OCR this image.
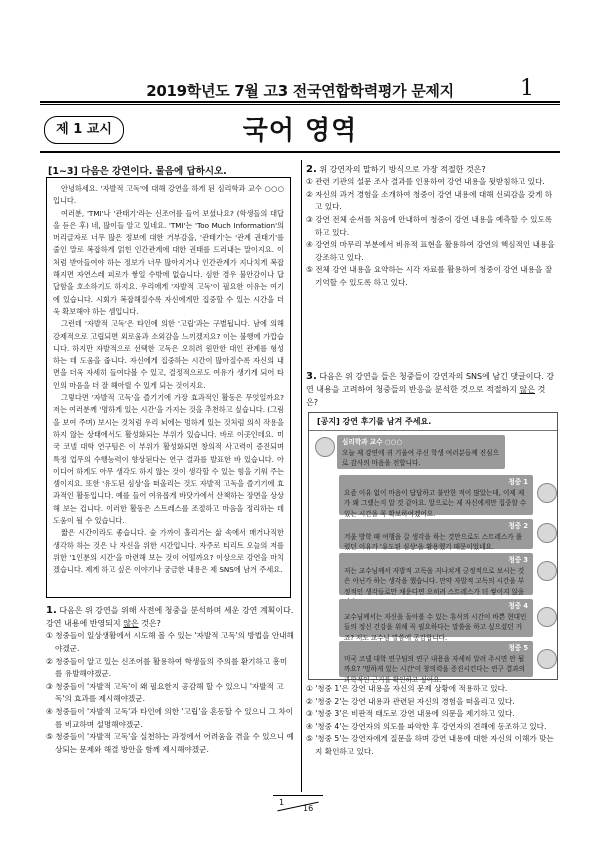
2019학년도 7월 고3 전국연합학력평가 문제지	1
제 1 교시	국어 영역
[1~3] 다음은 강연이다. 물음에 답하시오.

안녕하세요. '자발적 고독'에 대해 강연을 하게 된 심리학과 교수 ○○○입니다.

여러분, 'TMI'나 '관태기'라는 신조어를 들어 보셨나요? (학생들의 대답을 듣은 후) 네, 많이들 알고 있네요. 'TMI'는 'Too Much Information'의 머리글자로 너무 많은 정보에 대한 거부감을, '관태기'는 '관계 권태기'를 줄인 말로 복잡하게 얽힌 인간관계에 대한 권태를 드러내는 말이지요. 이처럼 받아들여야 하는 정보가 너무 많아지거나 인간관계가 지나치게 복잡해지면 자연스레 피로가 쌓일 수밖에 없습니다. 심한 경우 불안감이나 답답함을 호소하기도 하지요. 우리에게 '자발적 고독'이 필요한 이유는 여기에 있습니다. 시회가 복잡해질수록 자신에게만 집중할 수 있는 시간을 더욱 확보해야 하는 셈입니다.

그런데 '자발적 고독'은 타인에 의한 '고립'과는 구별됩니다. 남에 의해 강제적으로 고립되면 외로움과 소외감을 느끼겠지요? 이는 불행에 가깝습니다. 하지만 자발적으로 선택한 고독은 오히려 원만한 대인 관계를 형성하는 데 도움을 줍니다. 자신에게 집중하는 시간이 많아질수록 자신의 내면을 더욱 자세히 들여다볼 수 있고, 결정적으로도 여유가 생기게 되어 타인의 마음을 더 잘 헤아릴 수 있게 되는 것이지요.

그렇다면 '자발적 고독'을 즐기기에 가장 효과적인 활동은 무엇일까요? 저는 여러분께 '명하게 있는 시간'을 가지는 것을 추천하고 싶습니다. (그림을 보여 주며) 보시는 것처럼 우리 뇌에는 멍하게 있는 것처럼 의식 작용을 하지 않는 상태에서도 활성화되는 부위가 있습니다. 바로 이곳인데요. 미국 코넬 대학 연구팀은 이 부위가 활성화되면 창의적 사고력이 증진되며 특정 업무의 수행능력이 향상된다는 연구 결과를 발표한 바 있습니다. 아이디어 하게도 아무 생각도 하지 않는 것이 생각할 수 있는 힘을 기워 주는 셈이지요. 또한 '유도된 심상'을 떠올리는 것도 자발적 고독을 즐기기에 효과적인 활동입니다. 예를 들어 여유롭게 바닷가에서 산책하는 장면을 상상해 보는 겁니다. 이러한 활동은 스트레스를 조절하고 마음을 정리하는 데 도움이 될 수 있습니다.

짧은 시간이라도 좋습니다. 숲 가까이 홀리거는 삶 속에서 매거나직한 생각하 하는 것은 나 자신을 위한 시간입니다. 자주로 티리트 오늘의 저를 위한 '1인분의 시간'을 마련해 보는 것이 어떨까요? 이상으로 강연을 마치겠습니다. 제게 하고 싶은 이야기나 궁금한 내용은 제 SNS에 남겨 주세요.

1. 다음은 위 강연을 위해 사전에 청중을 분석하며 세운 강연 계획이다. 강연 내용에 반영되지 않은 것은?
① 청중들이 일상생활에서 시도해 볼 수 있는 '자발적 고독'의 방법을 안내해야겠군.
② 청중들이 알고 있는 신조어를 활용하여 학생들의 주의를 환기하고 흥미를 유발해야겠군.
③ 청중들이 '자발적 고독'이 왜 필요한지 공감해 할 수 있으니 '자발적 고독'의 효과를 제시해야겠군.
④ 청중들이 '자발적 고독'과 타인에 의한 '고립'을 혼동할 수 있으니 그 차이를 비교하며 설명해야겠군.
⑤ 청중들이 '자발적 고독'을 실천하는 과정에서 어려움을 겪을 수 있으니 예상되는 문제와 해결 방안을 함께 제시해야겠군.
2. 위 강연자의 말하기 방식으로 가장 적절한 것은?
① 관련 기관의 설문 조사 결과를 인용하여 강연 내용을 뒷받침하고 있다.
② 자신의 과거 경험을 소개하여 청중이 강연 내용에 대해 신뢰감을 갖게 하고 있다.
③ 강연 전체 순서를 처음에 안내하여 청중이 강연 내용을 예측할 수 있도록 하고 있다.
④ 강연의 마무리 부분에서 비유적 표현을 활용하여 강연의 핵심적인 내용을 강조하고 있다.
⑤ 전체 강연 내용을 요약하는 시각 자료를 활용하여 청중이 강연 내용을 잘 기억할 수 있도록 하고 있다.
3. 다음은 위 강연을 들은 청중들이 강연자의 SNS에 남긴 댓글이다. 강연 내용을 고려하여 청중들의 반응을 분석한 것으로 적절하지 않은 것은?
[공지] 강연 후기를 남겨 주세요.
심리학과 교수 ○○○
오늘 제 강연에 귀 기울여 주신 학생 여러분들께 진심으로 감사의 마음을 전합니다.
청중 1
요즘 이유 없이 마음이 답답하고 불안한 적이 많았는데, 이제 제가 왜 그랬는지 알 것 같아요. 앞으로는 제 자신에게만 집중할 수 있는 시간을 꼭 확보하여겠어요.
청중 2
겨울 방학 때 여행을 갈 생각을 하는 것만으로도 스트레스가 풀렸던 이유가 '유도된 심상'을 활용했기 때문이었네요.
청중 3
저는 교수님께서 자발적 고독을 지나치게 긍정적으로 보시는 것은 아닌가 하는 생각을 했습니다. 만약 자발적 고독의 시간을 부정적인 생각들로만 채운다면 오히려 스트레스가 더 쌓이지 않을
청중 4
교수님께서는 자신을 돌아볼 수 있는 휴식의 시간이 바쁜 현대인들의 정신 건강을 위해 꼭 필요하다는 말씀을 하고 싶으셨던 거죠? 저도 교수님 말씀에 공감합니다.
청중 5
미국 코넬 대학 연구팀의 연구 내용을 자세히 알려 주시면 안 될까요? '멍하게 있는 시간'이 창의력을 증진시킨다는 연구 결과의 과학적인 근거를 확인하고 싶어요.
① '청중 1'은 강연 내용을 자신의 문제 상황에 적용하고 있다.
② '청중 2'는 강연 내용과 관련된 자신의 경험을 떠올리고 있다.
③ '청중 3'은 비판적 태도로 강연 내용에 의문을 제기하고 있다.
④ '청중 4'는 강연자의 의도를 파악한 후 강연자의 견해에 동조하고 있다.
⑤ '청중 5'는 강연자에게 질문을 하며 강연 내용에 대한 자신의 이해가 맞는지 확인하고 있다.
1
16
